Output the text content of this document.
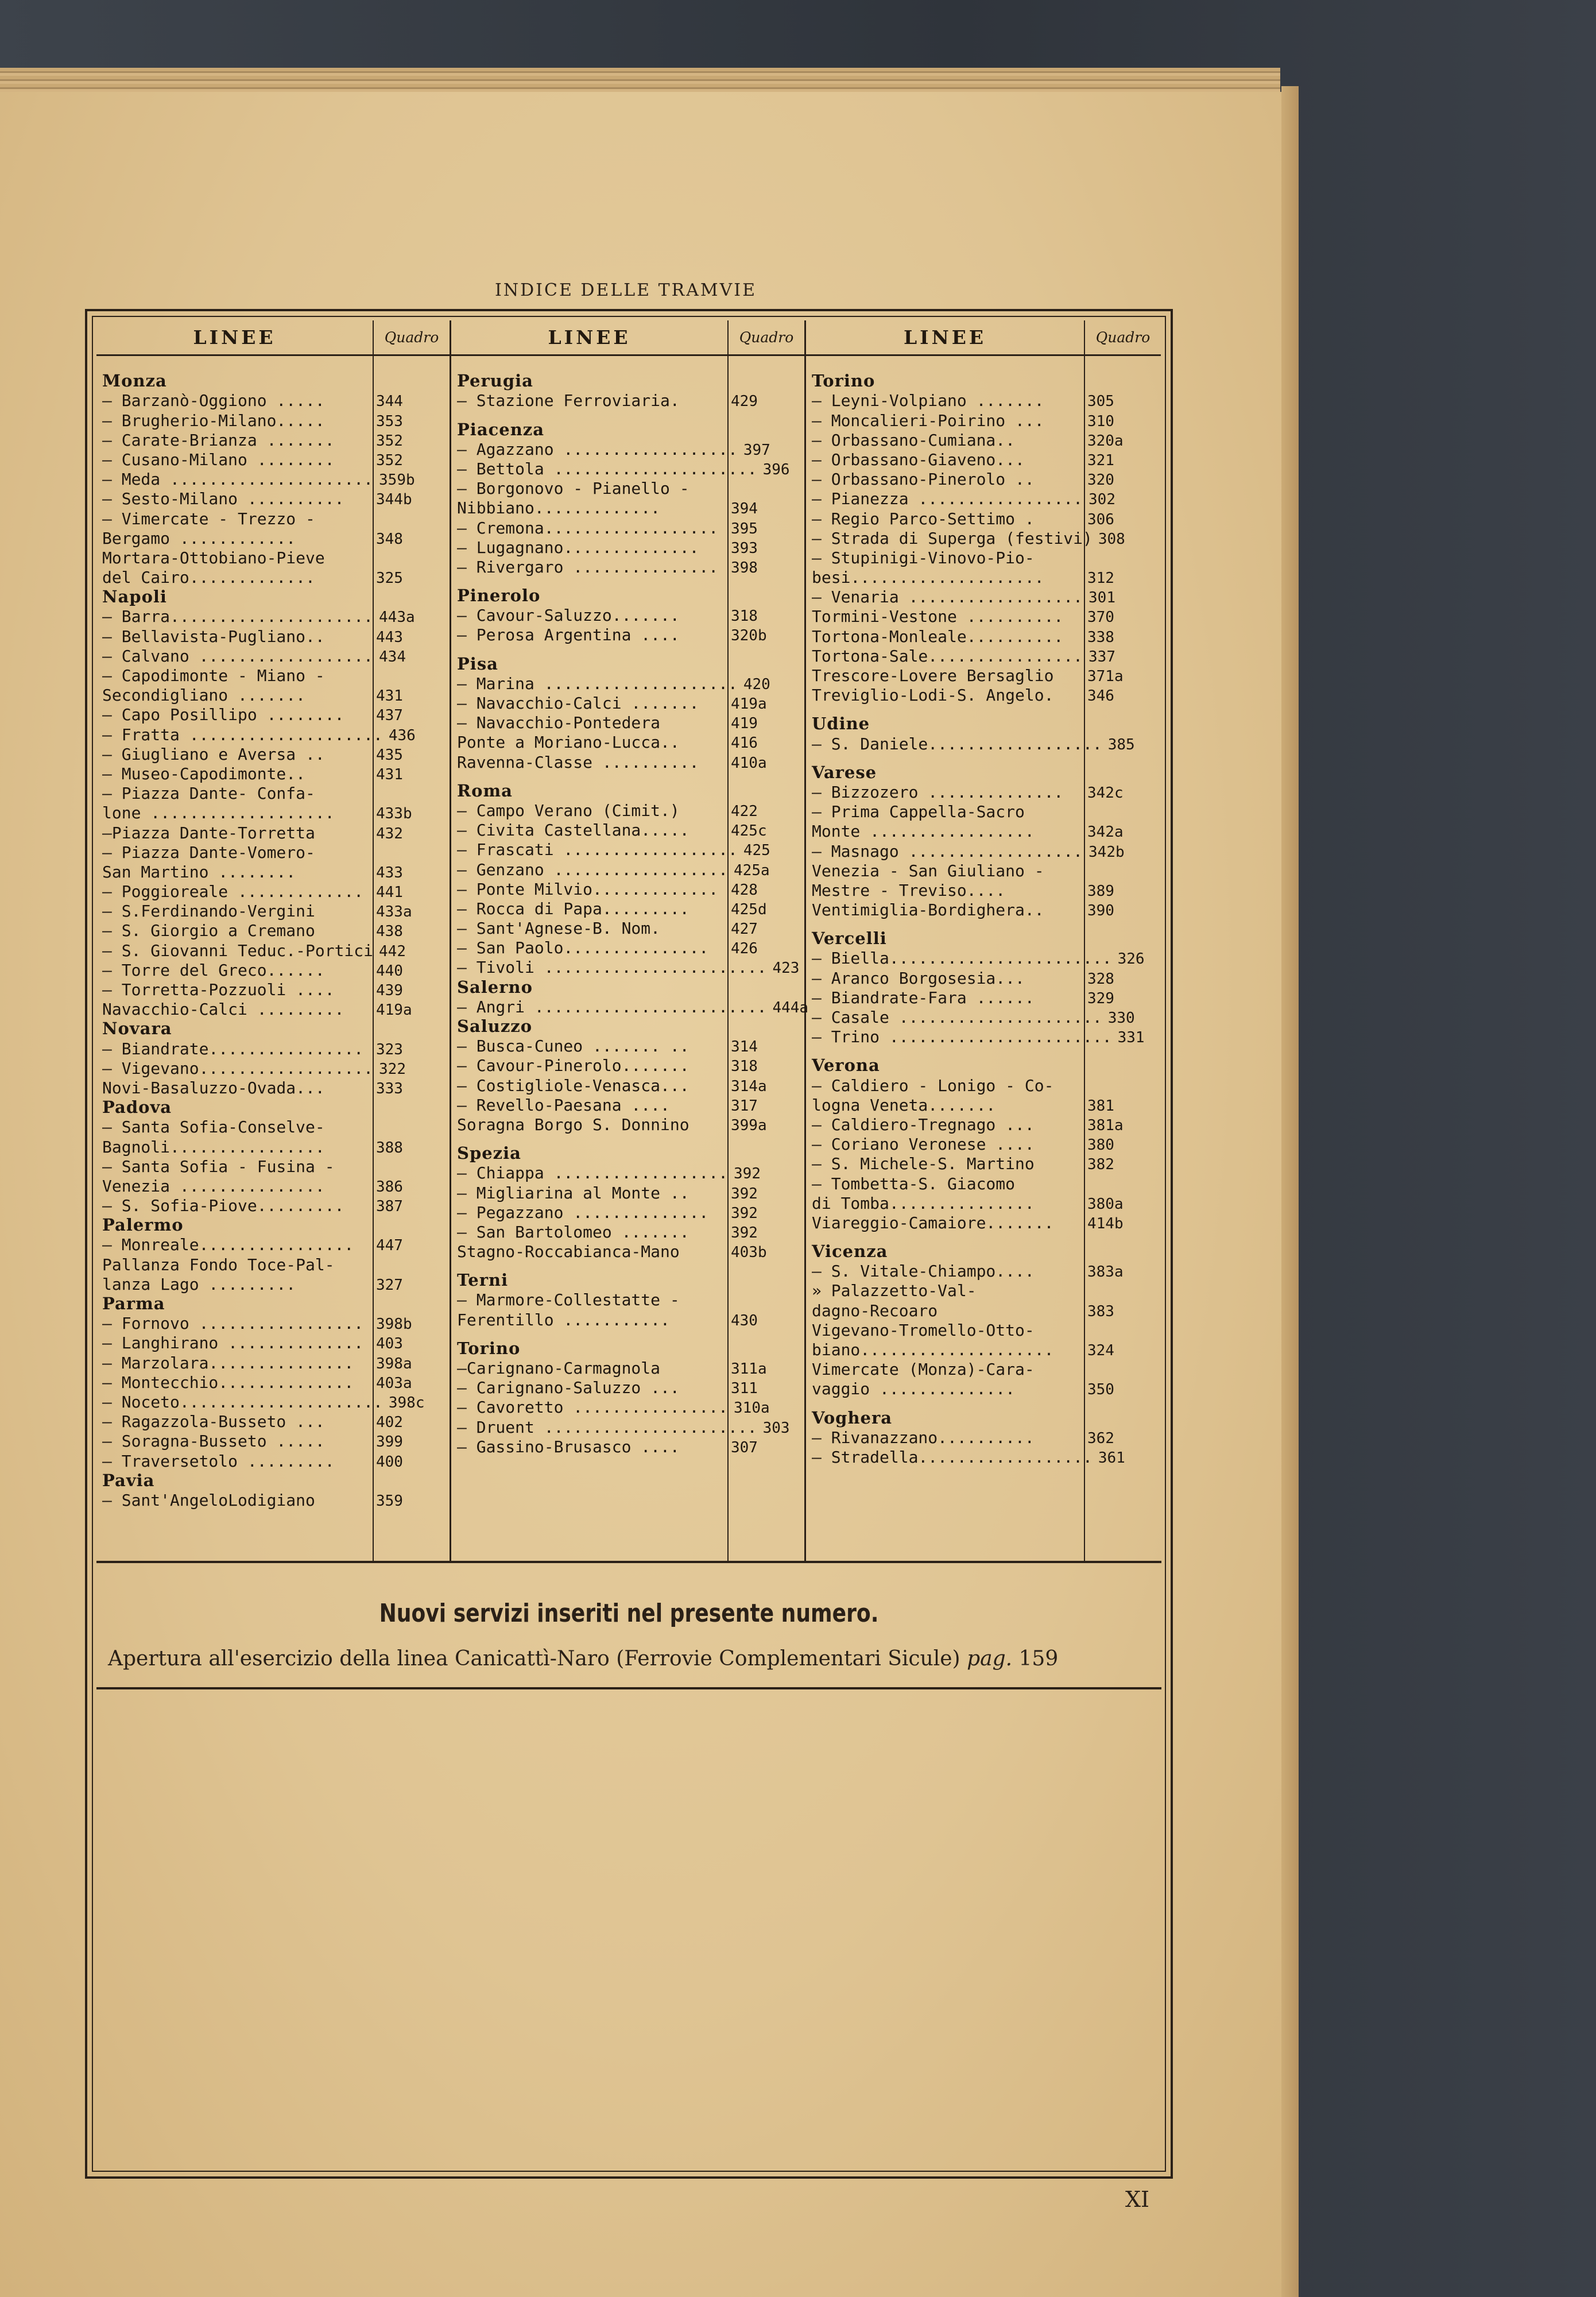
INDICE DELLE TRAMVIE
LINEE	Quadro
Monza
— Barzanò-Oggiono .....	344
— Brugherio-Milano.....	353
— Carate-Brianza .......	352
— Cusano-Milano ........	352
— Meda ..................... 359b
— Sesto-Milano ..........	344b
— Vimercate - Trezzo -
Bergamo ............	348
Mortara-Ottobiano-Pieve
del Cairo.............	325
Napoli
— Barra..................... 443a
— Bellavista-Pugliano..	443
— Calvano .................. 434
— Capodimonte - Miano -
Secondigliano .......	431
— Capo Posillipo ........	437
— Fratta .................... 436
— Giugliano e Aversa ..	435
— Museo-Capodimonte..	431
— Piazza Dante- Confa-
lone ...................	433b
—Piazza Dante-Torretta	432
— Piazza Dante-Vomero-
San Martino ........	433
— Poggioreale ............. 441
— S.Ferdinando-Vergini	433a
— S. Giorgio a Cremano	438
— S. Giovanni Teduc.-Portici 442
— Torre del Greco......	440
— Torretta-Pozzuoli ....	439
Navacchio-Calci .........	419a
Novara
— Biandrate................ 323
— Vigevano.................. 322
Novi-Basaluzzo-Ovada...	333
Padova
— Santa Sofia-Conselve-
Bagnoli................	388
— Santa Sofia - Fusina -
Venezia ...............	386
— S. Sofia-Piove.........	387
Palermo
— Monreale................	447
Pallanza Fondo Toce-Pal-
lanza Lago .........	327
Parma
— Fornovo ................. 398b
— Langhirano .............. 403
— Marzolara...............	398a
— Montecchio..............	403a
— Noceto..................... 398c
— Ragazzola-Busseto ...	402
— Soragna-Busseto .....	399
— Traversetolo .........	400
Pavia
— Sant'AngeloLodigiano	359
LINEE	Quadro
Perugia
— Stazione Ferroviaria.	429
Piacenza
— Agazzano .................. 397
— Bettola ..................... 396
— Borgonovo - Pianello -
Nibbiano.............	394
— Cremona.................. 395
— Lugagnano..............	393
— Rivergaro ............... 398
Pinerolo
— Cavour-Saluzzo.......	318
— Perosa Argentina ....	320b
Pisa
— Marina .................... 420
— Navacchio-Calci .......	419a
— Navacchio-Pontedera	419
Ponte a Moriano-Lucca..	416
Ravenna-Classe ..........	410a
Roma
— Campo Verano (Cimit.)	422
— Civita Castellana.....	425c
— Frascati .................. 425
— Genzano .................. 425a
— Ponte Milvio............. 428
— Rocca di Papa.........	425d
— Sant'Agnese-B. Nom.	427
— San Paolo...............	426
— Tivoli ....................... 423
Salerno
— Angri ........................ 444a
Saluzzo
— Busca-Cuneo ....... ..	314
— Cavour-Pinerolo.......	318
— Costigliole-Venasca...	314a
— Revello-Paesana ....	317
Soragna Borgo S. Donnino	399a
Spezia
— Chiappa .................. 392
— Migliarina al Monte ..	392
— Pegazzano ..............	392
— San Bartolomeo .......	392
Stagno-Roccabianca-Mano	403b
Terni
— Marmore-Collestatte -
Ferentillo ...........	430
Torino
—Carignano-Carmagnola	311a
— Carignano-Saluzzo ...	311
— Cavoretto ................ 310a
— Druent ...................... 303
— Gassino-Brusasco ....	307
LINEE	Quadro
Torino
— Leyni-Volpiano .......	305
— Moncalieri-Poirino ...	310
— Orbassano-Cumiana..	320a
— Orbassano-Giaveno...	321
— Orbassano-Pinerolo ..	320
— Pianezza ................. 302
— Regio Parco-Settimo .	306
— Strada di Superga (festivi) 308
— Stupinigi-Vinovo-Pio-
besi....................	312
— Venaria .................. 301
Tormini-Vestone ..........	370
Tortona-Monleale..........	338
Tortona-Sale................ 337
Trescore-Lovere Bersaglio	371a
Treviglio-Lodi-S. Angelo.	346
Udine
— S. Daniele.................. 385
Varese
— Bizzozero ..............	342c
— Prima Cappella-Sacro
Monte .................	342a
— Masnago .................. 342b
Venezia - San Giuliano -
Mestre - Treviso....	389
Ventimiglia-Bordighera..	390
Vercelli
— Biella....................... 326
— Aranco Borgosesia...	328
— Biandrate-Fara ......	329
— Casale ..................... 330
— Trino ....................... 331
Verona
— Caldiero - Lonigo - Co-
logna Veneta.......	381
— Caldiero-Tregnago ...	381a
— Coriano Veronese ....	380
— S. Michele-S. Martino	382
— Tombetta-S. Giacomo
di Tomba...............	380a
Viareggio-Camaiore.......	414b
Vicenza
— S. Vitale-Chiampo....	383a
» Palazzetto-Val-
dagno-Recoaro	383
Vigevano-Tromello-Otto-
biano....................	324
Vimercate (Monza)-Cara-
vaggio ..............	350
Voghera
— Rivanazzano..........	362
— Stradella.................. 361
Nuovi servizi inseriti nel presente numero.
Apertura all'esercizio della linea Canicattì-Naro (Ferrovie Complementari Sicule) pag. 159
XI
